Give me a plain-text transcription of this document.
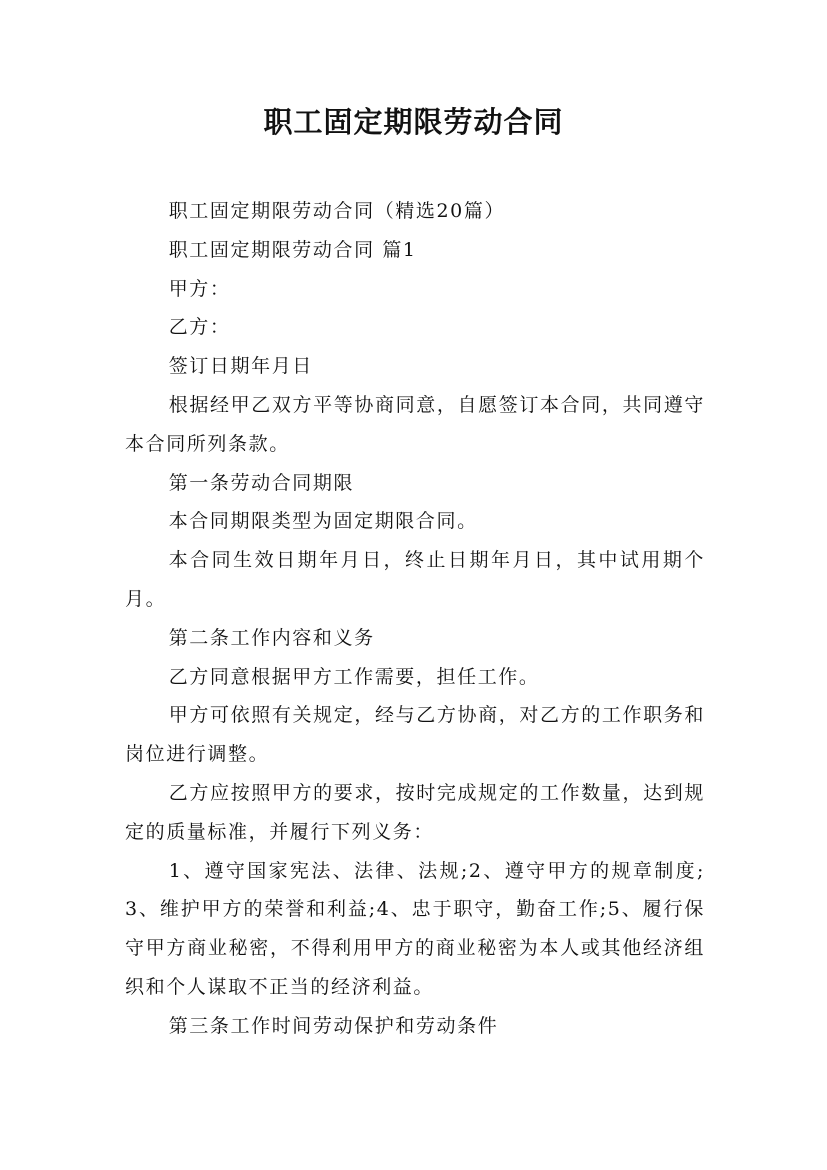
职工固定期限劳动合同

职工固定期限劳动合同（精选20篇）

职工固定期限劳动合同 篇1

甲方：

乙方：

签订日期年月日

根据经甲乙双方平等协商同意，自愿签订本合同，共同遵守本合同所列条款。

第一条劳动合同期限

本合同期限类型为固定期限合同。

本合同生效日期年月日，终止日期年月日，其中试用期个月。

第二条工作内容和义务

乙方同意根据甲方工作需要，担任工作。

甲方可依照有关规定，经与乙方协商，对乙方的工作职务和岗位进行调整。

乙方应按照甲方的要求，按时完成规定的工作数量，达到规定的质量标准，并履行下列义务：

1、遵守国家宪法、法律、法规;2、遵守甲方的规章制度;3、维护甲方的荣誉和利益;4、忠于职守，勤奋工作;5、履行保守甲方商业秘密，不得利用甲方的商业秘密为本人或其他经济组织和个人谋取不正当的经济利益。

第三条工作时间劳动保护和劳动条件
